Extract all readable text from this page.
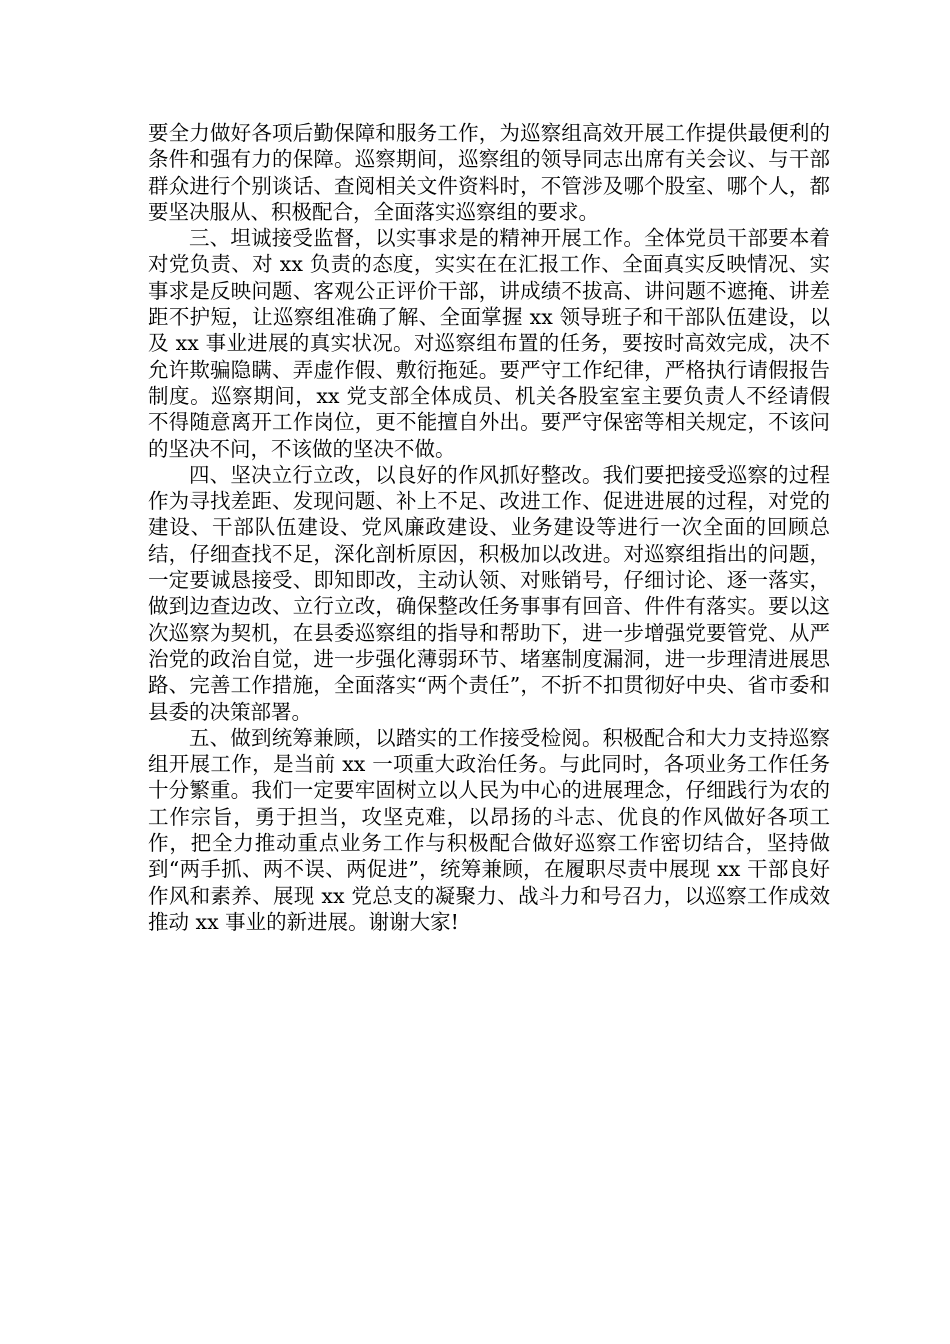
要全力做好各项后勤保障和服务工作，为巡察组高效开展工作提供最便利的条件和强有力的保障。巡察期间，巡察组的领导同志出席有关会议、与干部群众进行个别谈话、查阅相关文件资料时，不管涉及哪个股室、哪个人，都要坚决服从、积极配合，全面落实巡察组的要求。

三、坦诚接受监督，以实事求是的精神开展工作。全体党员干部要本着对党负责、对 xx 负责的态度，实实在在汇报工作、全面真实反映情况、实事求是反映问题、客观公正评价干部，讲成绩不拔高、讲问题不遮掩、讲差距不护短，让巡察组准确了解、全面掌握 xx 领导班子和干部队伍建设，以及 xx 事业进展的真实状况。对巡察组布置的任务，要按时高效完成，决不允许欺骗隐瞒、弄虚作假、敷衍拖延。要严守工作纪律，严格执行请假报告制度。巡察期间，xx 党支部全体成员、机关各股室室主要负责人不经请假不得随意离开工作岗位，更不能擅自外出。要严守保密等相关规定，不该问的坚决不问，不该做的坚决不做。

四、坚决立行立改，以良好的作风抓好整改。我们要把接受巡察的过程作为寻找差距、发现问题、补上不足、改进工作、促进进展的过程，对党的建设、干部队伍建设、党风廉政建设、业务建设等进行一次全面的回顾总结，仔细查找不足，深化剖析原因，积极加以改进。对巡察组指出的问题，一定要诚恳接受、即知即改，主动认领、对账销号，仔细讨论、逐一落实，做到边查边改、立行立改，确保整改任务事事有回音、件件有落实。要以这次巡察为契机，在县委巡察组的指导和帮助下，进一步增强党要管党、从严治党的政治自觉，进一步强化薄弱环节、堵塞制度漏洞，进一步理清进展思路、完善工作措施，全面落实“两个责任”，不折不扣贯彻好中央、省市委和县委的决策部署。

五、做到统筹兼顾，以踏实的工作接受检阅。积极配合和大力支持巡察组开展工作，是当前 xx 一项重大政治任务。与此同时，各项业务工作任务十分繁重。我们一定要牢固树立以人民为中心的进展理念，仔细践行为农的工作宗旨，勇于担当，攻坚克难，以昂扬的斗志、优良的作风做好各项工作，把全力推动重点业务工作与积极配合做好巡察工作密切结合，坚持做到“两手抓、两不误、两促进”，统筹兼顾，在履职尽责中展现 xx 干部良好作风和素养、展现 xx 党总支的凝聚力、战斗力和号召力，以巡察工作成效推动 xx 事业的新进展。谢谢大家!
